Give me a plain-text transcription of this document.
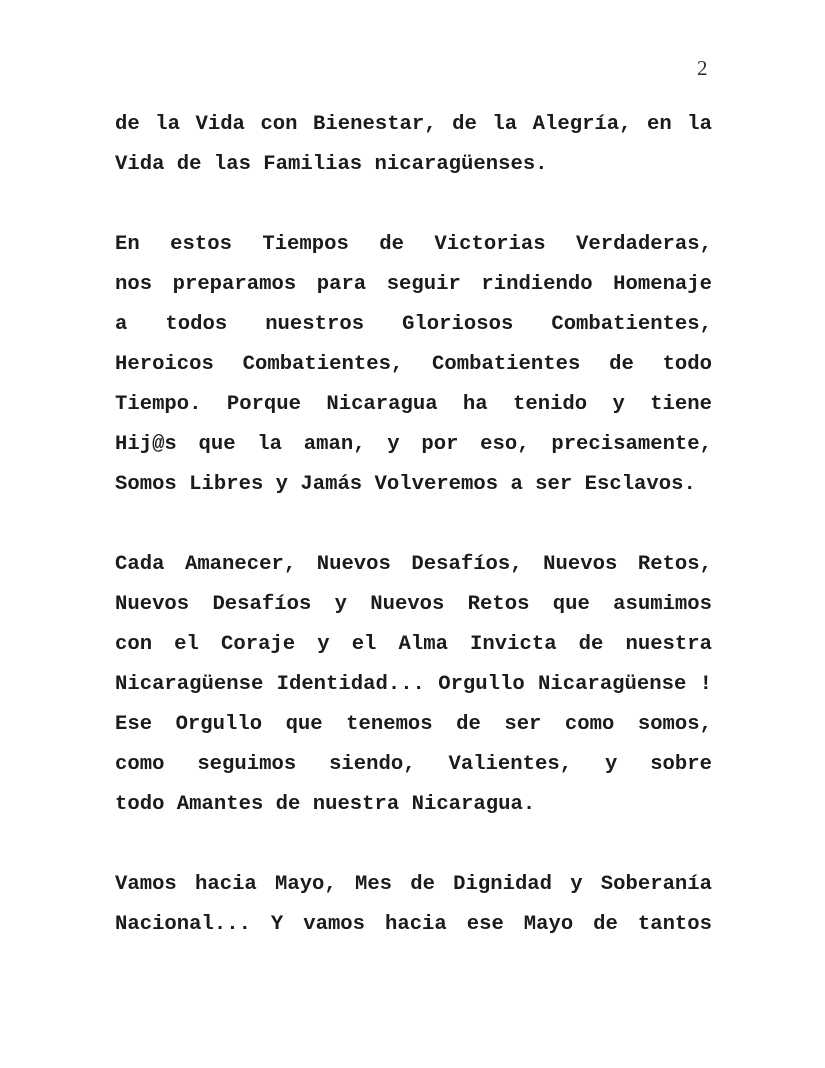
2
de la Vida con Bienestar, de la Alegría, en la
Vida de las Familias nicaragüenses.
En estos Tiempos de Victorias Verdaderas,
nos preparamos para seguir rindiendo Homenaje
a todos nuestros Gloriosos Combatientes,
Heroicos Combatientes, Combatientes de todo
Tiempo. Porque Nicaragua ha tenido y tiene
Hij@s que la aman, y por eso, precisamente,
Somos Libres y Jamás Volveremos a ser Esclavos.
Cada Amanecer, Nuevos Desafíos, Nuevos Retos,
Nuevos Desafíos y Nuevos Retos que asumimos
con el Coraje y el Alma Invicta de nuestra
Nicaragüense Identidad... Orgullo Nicaragüense !
Ese Orgullo que tenemos de ser como somos,
como seguimos siendo, Valientes, y sobre
todo Amantes de nuestra Nicaragua.
Vamos hacia Mayo, Mes de Dignidad y Soberanía
Nacional... Y vamos hacia ese Mayo de tantos
